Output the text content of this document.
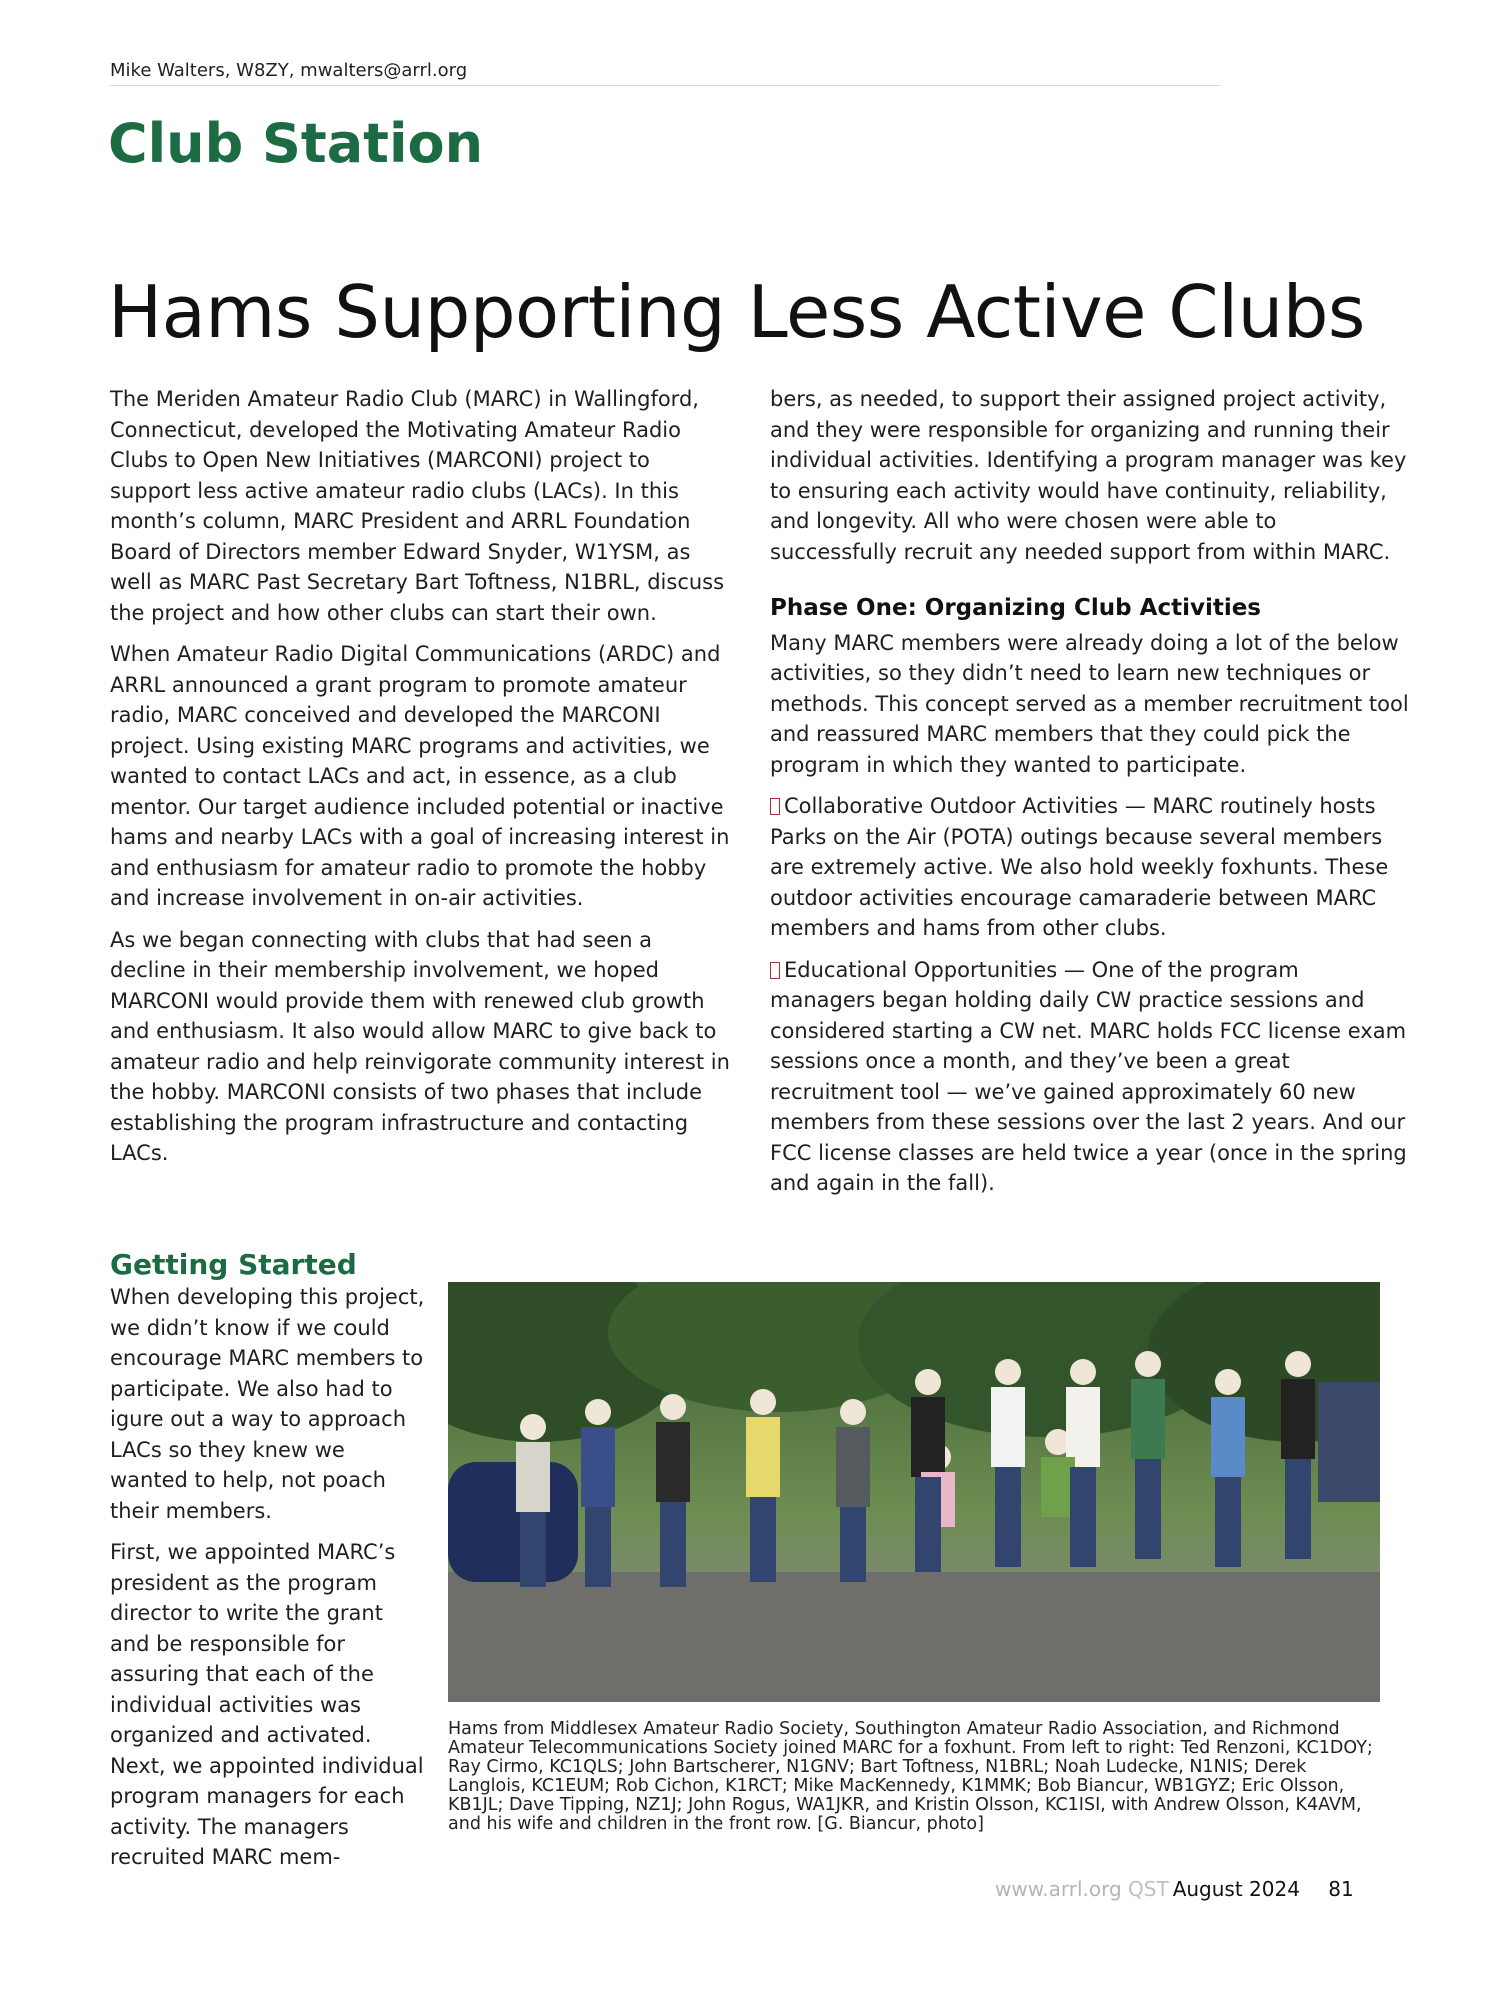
Mike Walters, W8ZY, mwalters@arrl.org
Club Station
Hams Supporting Less Active Clubs

The Meriden Amateur Radio Club (MARC) in Wallingford, Connecticut, developed the Motivating Amateur Radio Clubs to Open New Initiatives (MARCONI) project to support less active amateur radio clubs (LACs). In this month’s column, MARC President and ARRL Foundation Board of Directors member Edward Snyder, W1YSM, as well as MARC Past Secretary Bart Toftness, N1BRL, discuss the project and how other clubs can start their own.

When Amateur Radio Digital Communications (ARDC) and ARRL announced a grant program to promote amateur radio, MARC conceived and developed the MARCONI project. Using existing MARC programs and activities, we wanted to contact LACs and act, in essence, as a club mentor. Our target audience included potential or inactive hams and nearby LACs with a goal of increasing interest in and enthusiasm for amateur radio to promote the hobby and increase involvement in on-air activities.

As we began connecting with clubs that had seen a decline in their membership involvement, we hoped MARCONI would provide them with renewed club growth and enthusiasm. It also would allow MARC to give back to amateur radio and help reinvigorate community interest in the hobby. MARCONI consists of two phases that include establishing the program infrastructure and contacting LACs.

bers, as needed, to support their assigned project activity, and they were responsible for organizing and running their individual activities. Identifying a program manager was key to ensuring each activity would have continuity, reliability, and longevity. All who were chosen were able to successfully recruit any needed support from within MARC.

Phase One: Organizing Club Activities

Many MARC members were already doing a lot of the below activities, so they didn’t need to learn new techniques or methods. This concept served as a member recruitment tool and reassured MARC members that they could pick the program in which they wanted to participate.

Collaborative Outdoor Activities — MARC routinely hosts Parks on the Air (POTA) outings because several members are extremely active. We also hold weekly foxhunts. These outdoor activities encourage camaraderie between MARC members and hams from other clubs.

Educational Opportunities — One of the program managers began holding daily CW practice sessions and considered starting a CW net. MARC holds FCC license exam sessions once a month, and they’ve been a great recruitment tool — we’ve gained approximately 60 new members from these sessions over the last 2 years. And our FCC license classes are held twice a year (once in the spring and again in the fall).

Getting Started

When developing this project, we didn’t know if we could encourage MARC members to participate. We also had to igure out a way to approach LACs so they knew we wanted to help, not poach their members.

First, we appointed MARC’s president as the program director to write the grant and be responsible for assuring that each of the individual activities was organized and activated. Next, we appointed individual program managers for each activity. The managers recruited MARC mem-

Hams from Middlesex Amateur Radio Society, Southington Amateur Radio Association, and Richmond Amateur Telecommunications Society joined MARC for a foxhunt. From left to right: Ted Renzoni, KC1DOY; Ray Cirmo, KC1QLS; John Bartscherer, N1GNV; Bart Toftness, N1BRL; Noah Ludecke, N1NIS; Derek Langlois, KC1EUM; Rob Cichon, K1RCT; Mike MacKennedy, K1MMK; Bob Biancur, WB1GYZ; Eric Olsson, KB1JL; Dave Tipping, NZ1J; John Rogus, WA1JKR, and Kristin Olsson, KC1ISI, with Andrew Olsson, K4AVM, and his wife and children in the front row. [G. Biancur, photo]
www.arrl.org QST August 2024 81
